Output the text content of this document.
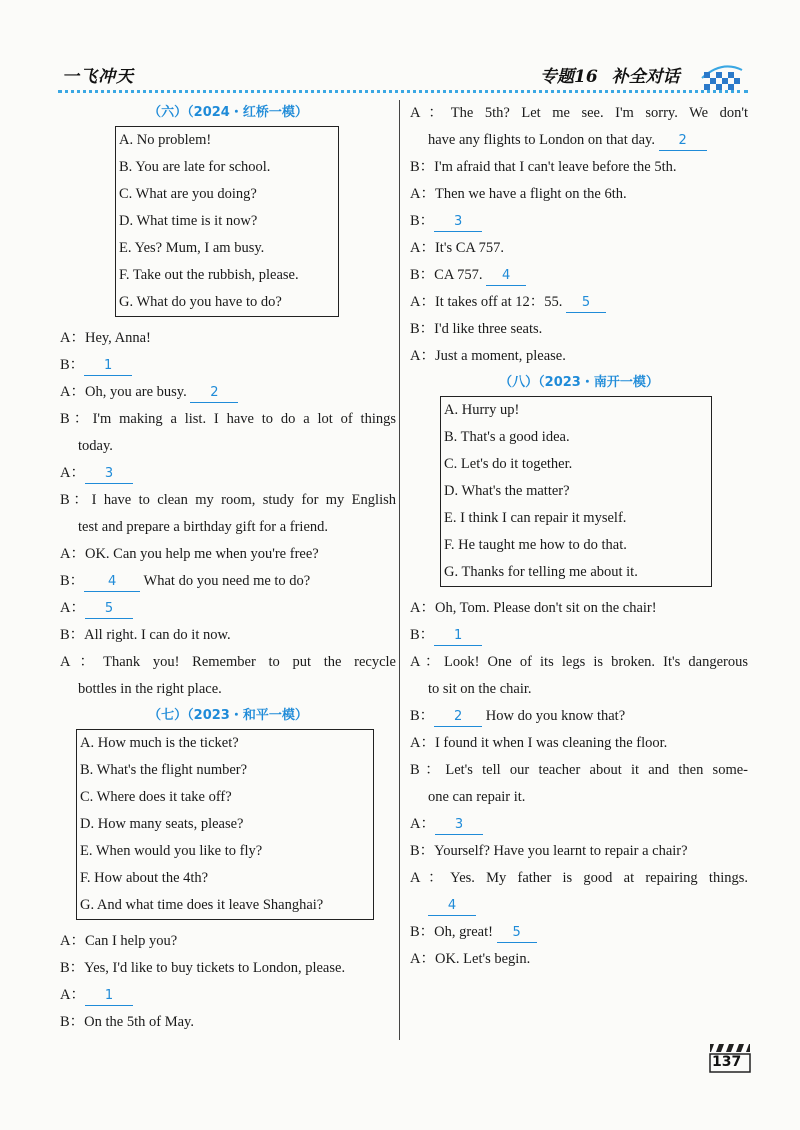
一飞冲天	专题16 补全对话
（六）（2024・红桥一模）
A. No problem!
B. You are late for school.
C. What are you doing?
D. What time is it now?
E. Yes? Mum, I am busy.
F. Take out the rubbish, please.
G. What do you have to do?
A：Hey, Anna!
B： 1
A：Oh, you are busy. 2
B：I'm making a list. I have to do a lot of things
today.
A： 3
B：I have to clean my room, study for my English
test and prepare a birthday gift for a friend.
A：OK. Can you help me when you're free?
B： 4 What do you need me to do?
A： 5
B：All right. I can do it now.
A：Thank you! Remember to put the recycle
bottles in the right place.
（七）（2023・和平一模）
A. How much is the ticket?
B. What's the flight number?
C. Where does it take off?
D. How many seats, please?
E. When would you like to fly?
F. How about the 4th?
G. And what time does it leave Shanghai?
A：Can I help you?
B：Yes, I'd like to buy tickets to London, please.
A： 1
B：On the 5th of May.
A：The 5th? Let me see. I'm sorry. We don't
have any flights to London on that day. 2
B：I'm afraid that I can't leave before the 5th.
A：Then we have a flight on the 6th.
B： 3
A：It's CA 757.
B：CA 757. 4
A：It takes off at 12：55. 5
B：I'd like three seats.
A：Just a moment, please.
（八）（2023・南开一模）
A. Hurry up!
B. That's a good idea.
C. Let's do it together.
D. What's the matter?
E. I think I can repair it myself.
F. He taught me how to do that.
G. Thanks for telling me about it.
A：Oh, Tom. Please don't sit on the chair!
B： 1
A：Look! One of its legs is broken. It's dangerous
to sit on the chair.
B： 2 How do you know that?
A：I found it when I was cleaning the floor.
B：Let's tell our teacher about it and then some-
one can repair it.
A： 3
B：Yourself? Have you learnt to repair a chair?
A：Yes. My father is good at repairing things.
4
B：Oh, great! 5
A：OK. Let's begin.
137
